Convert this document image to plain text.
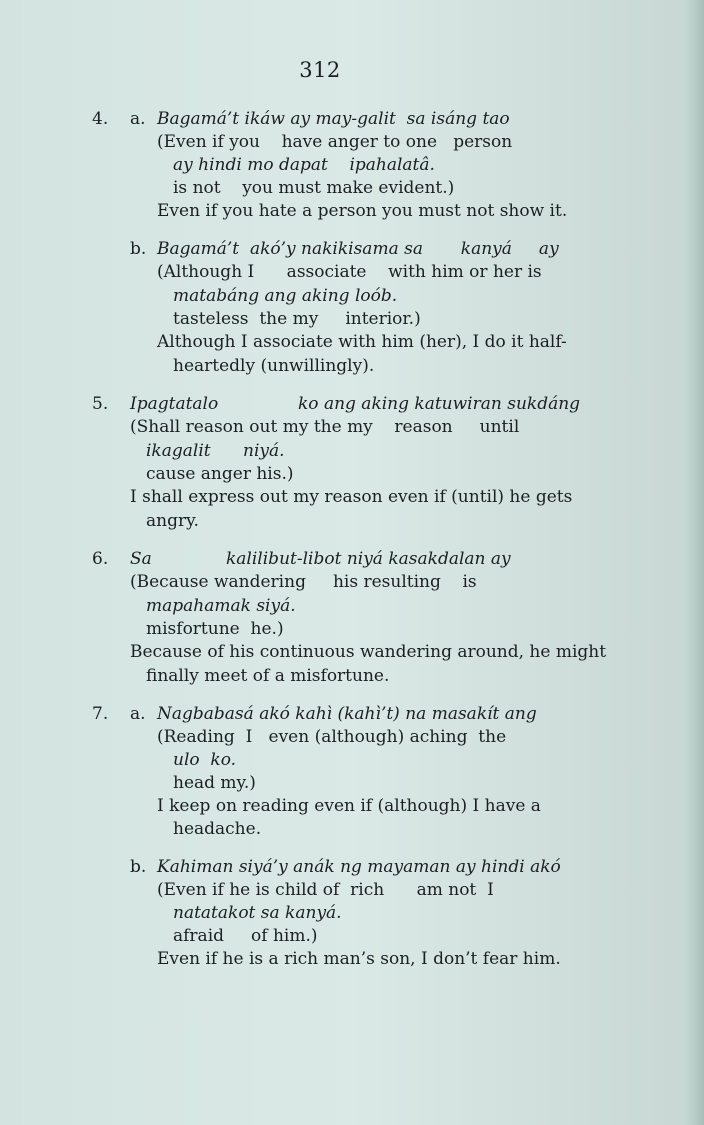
312
4. a. Bagamá’t ikáw ay may-galit  sa isáng tao
(Even if you    have anger to one   person
ay hindi mo dapat    ipahalatâ.
is not    you must make evident.)
Even if you hate a person you must not show it.
b. Bagamá’t  akó’y nakikisama sa       kanyá     ay
(Although I      associate    with him or her is
matabáng ang aking loób.
tasteless  the my     interior.)
Although I associate with him (her), I do it half-
heartedly (unwillingly).
5. Ipagtatalo	ko ang aking katuwiran sukdáng
(Shall reason out my the my    reason     until
ikagalit      niyá.
cause anger his.)
I shall express out my reason even if (until) he gets
angry.
6. Sa	kalilibut-libot niyá kasakdalan ay
(Because wandering     his resulting    is
mapahamak siyá.
misfortune  he.)
Because of his continuous wandering around, he might
finally meet of a misfortune.
7. a. Nagbabasá akó kahì (kahì’t) na masakít ang
(Reading  I   even (although) aching  the
ulo  ko.
head my.)
I keep on reading even if (although) I have a
headache.
b. Kahiman siyá’y anák ng mayaman ay hindi akó
(Even if he is child of  rich      am not  I
natatakot sa kanyá.
afraid     of him.)
Even if he is a rich man’s son, I don’t fear him.
